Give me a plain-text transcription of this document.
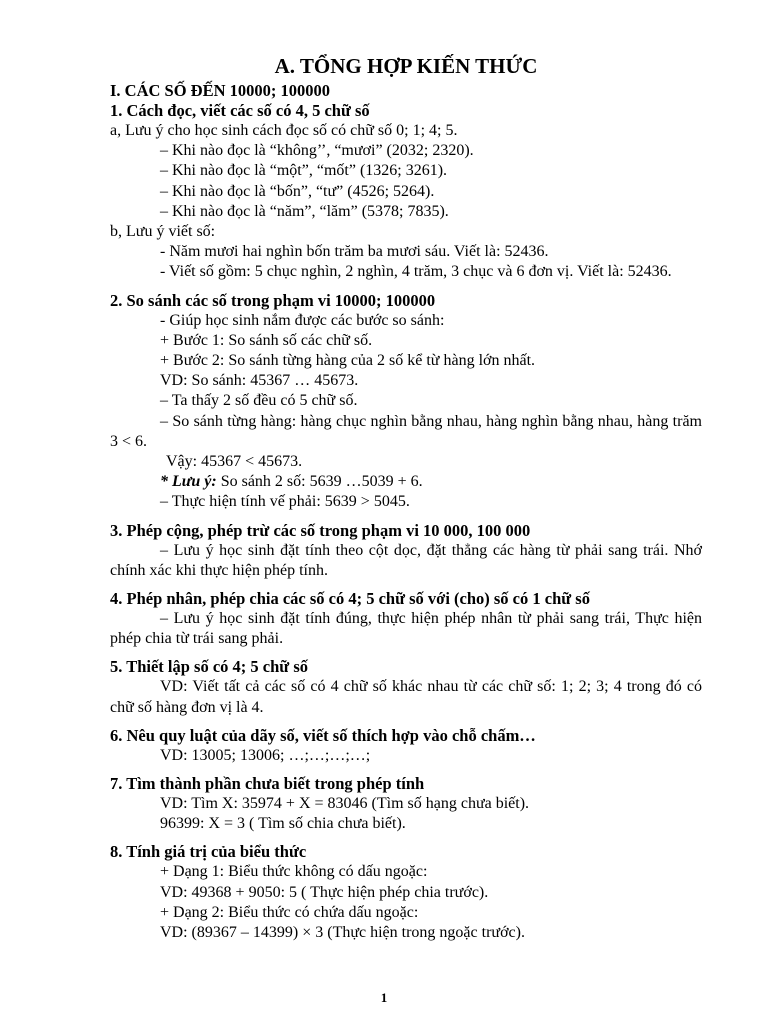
A. TỔNG HỢP KIẾN THỨC
I. CÁC SỐ ĐẾN 10000; 100000
1. Cách đọc, viết các số có 4, 5 chữ số
a, Lưu ý cho học sinh cách đọc số có chữ số 0; 1; 4; 5.
– Khi nào đọc là “không’’, “mươi” (2032; 2320).
– Khi nào đọc là “một”, “mốt” (1326; 3261).
– Khi nào đọc là “bốn”, “tư” (4526; 5264).
– Khi nào đọc là “năm”, “lăm” (5378; 7835).
b, Lưu ý viết số:
- Năm mươi hai nghìn bốn trăm ba mươi sáu. Viết là: 52436.
- Viết số gồm: 5 chục nghìn, 2 nghìn, 4 trăm, 3 chục và 6 đơn vị. Viết là: 52436.
2. So sánh các số trong phạm vi 10000; 100000
- Giúp học sinh nắm được các bước so sánh:
+ Bước 1: So sánh số các chữ số.
+ Bước 2: So sánh từng hàng của 2 số kể từ hàng lớn nhất.
VD: So sánh: 45367 … 45673.
– Ta thấy 2 số đều có 5 chữ số.
– So sánh từng hàng: hàng chục nghìn bằng nhau, hàng nghìn bằng nhau, hàng trăm 3 < 6.
Vậy: 45367 < 45673.
* Lưu ý: So sánh 2 số: 5639 …5039 + 6.
– Thực hiện tính vế phải: 5639 > 5045.
3. Phép cộng, phép trừ các số trong phạm vi 10 000, 100 000
– Lưu ý học sinh đặt tính theo cột dọc, đặt thẳng các hàng từ phải sang trái. Nhớ chính xác khi thực hiện phép tính.
4. Phép nhân, phép chia các số có 4; 5 chữ số với (cho) số có 1 chữ số
– Lưu ý học sinh đặt tính đúng, thực hiện phép nhân từ phải sang trái, Thực hiện phép chia từ trái sang phải.
5. Thiết lập số có 4; 5 chữ số
VD: Viết tất cả các số có 4 chữ số khác nhau từ các chữ số: 1; 2; 3; 4 trong đó có chữ số hàng đơn vị là 4.
6. Nêu quy luật của dãy số, viết số thích hợp vào chỗ chấm…
VD: 13005; 13006; …;…;…;…;
7. Tìm thành phần chưa biết trong phép tính
VD: Tìm X: 35974 + X = 83046 (Tìm số hạng chưa biết).
96399: X = 3 ( Tìm số chia chưa biết).
8. Tính giá trị của biểu thức
+ Dạng 1: Biểu thức không có dấu ngoặc:
VD: 49368 + 9050: 5 ( Thực hiện phép chia trước).
+ Dạng 2: Biểu thức có chứa dấu ngoặc:
VD: (89367 – 14399) × 3 (Thực hiện trong ngoặc trước).
1
